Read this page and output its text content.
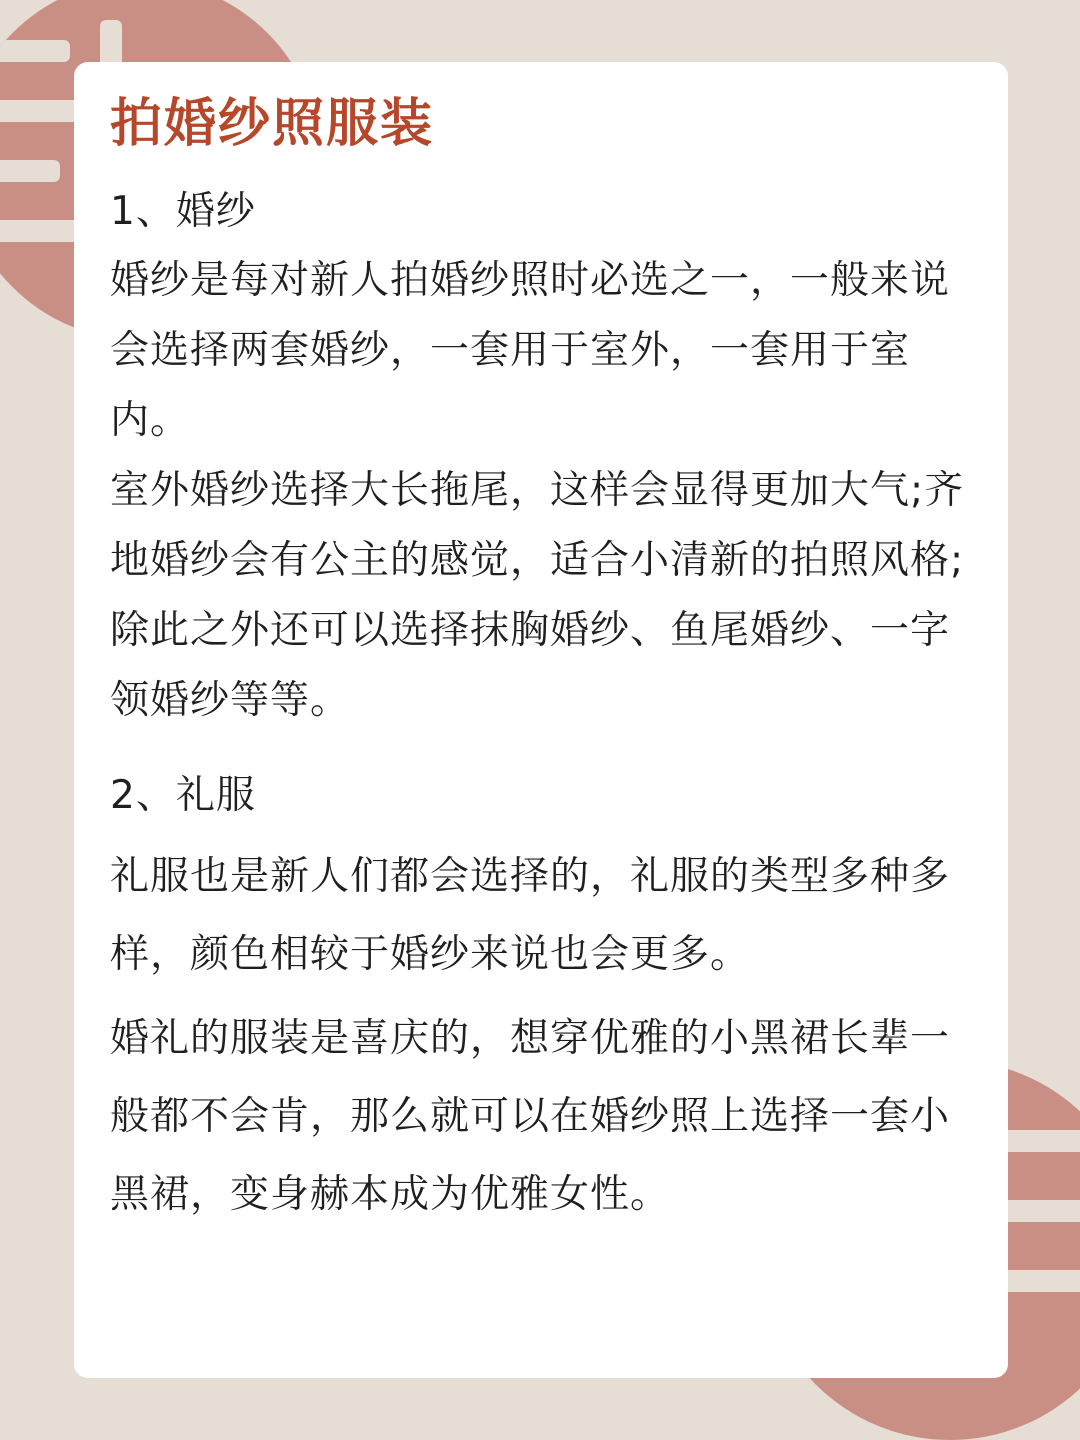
拍婚纱照服装

1、婚纱

婚纱是每对新人拍婚纱照时必选之一，一般来说会选择两套婚纱，一套用于室外，一套用于室内。

室外婚纱选择大长拖尾，这样会显得更加大气;齐地婚纱会有公主的感觉，适合小清新的拍照风格;

除此之外还可以选择抹胸婚纱、鱼尾婚纱、一字领婚纱等等。

2、礼服

礼服也是新人们都会选择的，礼服的类型多种多样，颜色相较于婚纱来说也会更多。

婚礼的服装是喜庆的，想穿优雅的小黑裙长辈一般都不会肯，那么就可以在婚纱照上选择一套小黑裙，变身赫本成为优雅女性。
